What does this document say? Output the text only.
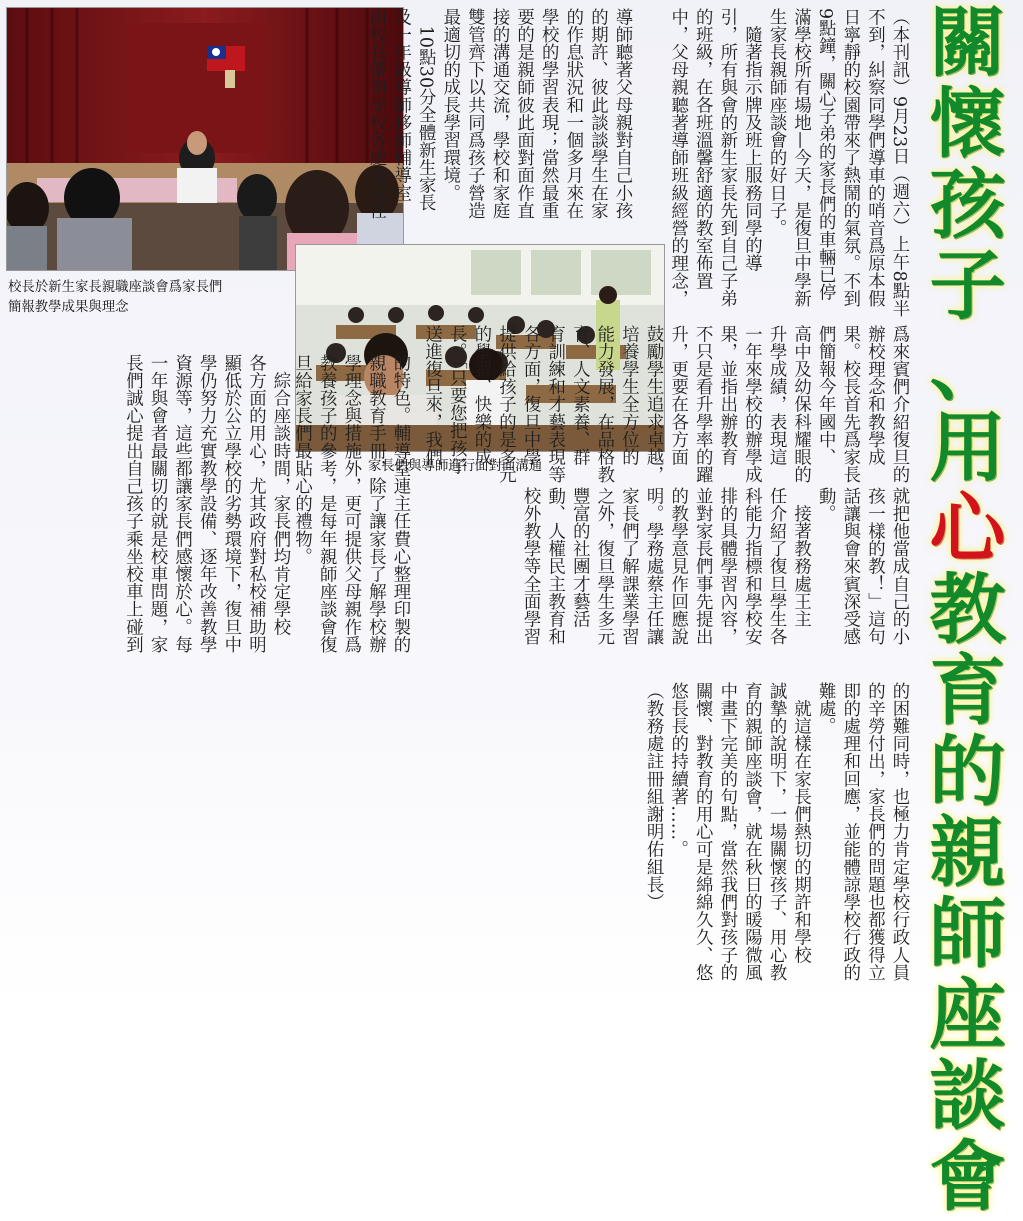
關
懷
孩
子
、
用
心
教
育
的
親
師
座
談
會

校長於新生家長親職座談會爲家長們
簡報教學成果與理念

家長們與導師進行面對面溝通

（本刊訊）9月23日（週六）上午8點半
不到，糾察同學們導車的哨音爲原本假
日寧靜的校園帶來了熱鬧的氣氛。不到
9點鐘，關心子弟的家長們的車輛已停
滿學校所有場地—今天，是復旦中學新
生家長親師座談會的好日子。
　隨著指示牌及班上服務同學的導
引，所有與會的新生家長先到自己子弟
的班級，在各班溫馨舒適的教室佈置
中，父母親聽著導師班級經營的理念，

導師聽著父母親對自己小孩
的期許、彼此談談學生在家
的作息狀況和一個多月來在
學校的學習表現；當然最重
要的是親師彼此面對面作直
接的溝通交流，學校和家庭
雙管齊下以共同爲孩子營造
最適切的成長學習環境。
　10點30分全體新生家長
及一年級導師移師輔導室
由校長帶領學校各處室主任

爲來賓們介紹復旦的辦校理念和教學成
果。校長首先爲家長們簡報今年國中、
高中及幼保科耀眼的升學成績，表現這
一年來學校的辦學成果，並指出辦教育
不只是看升學率的躍升，更要在各方面
鼓勵學生追求卓越，培養學生全方位的
能力發展，在品格教育、人文素養、群
育訓練和才藝表現等各方面，復旦中學
提供給孩子的是多元的學習、快樂的成
長。「只要您把孩子送進復旦來，我們

就把他當成自己的小
孩一樣的教！」這句
話讓與會來賓深受感
動。
　接著教務處王主
任介紹了復旦學生各
科能力指標和學校安
排的具體學習內容，
並對家長們事先提出
的教學意見作回應說
明。學務處蔡主任讓
家長們了解課業學習
之外，復旦學生多元
豐富的社團才藝活
動、人權民主教育和
校外教學等全面學習

的困難同時，也極力肯定學校行政人員
的辛勞付出，家長們的問題也都獲得立
即的處理和回應，並能體諒學校行政的
難處。
　就這樣在家長們熱切的期許和學校
誠摯的說明下，一場關懷孩子、用心教
育的親師座談會，就在秋日的暖陽微風
中畫下完美的句點，當然我們對孩子的
關懷、對教育的用心可是綿綿久久、悠
悠長長的持續著……。
（教務處註冊組謝明佑組長）

的特色。輔導室連主任費心整理印製的
親職教育手冊，除了讓家長了解學校辦
學理念與措施外，更可提供父母親作爲
教養孩子的參考，是每年親師座談會復
旦給家長們最貼心的禮物。

　綜合座談時間，家長們均肯定學校
各方面的用心，尤其政府對私校補助明
顯低於公立學校的劣勢環境下，復旦中
學仍努力充實教學設備、逐年改善教學
資源等，這些都讓家長們感懷於心。每
一年與會者最關切的就是校車問題，家
長們誠心提出自己孩子乘坐校車上碰到
